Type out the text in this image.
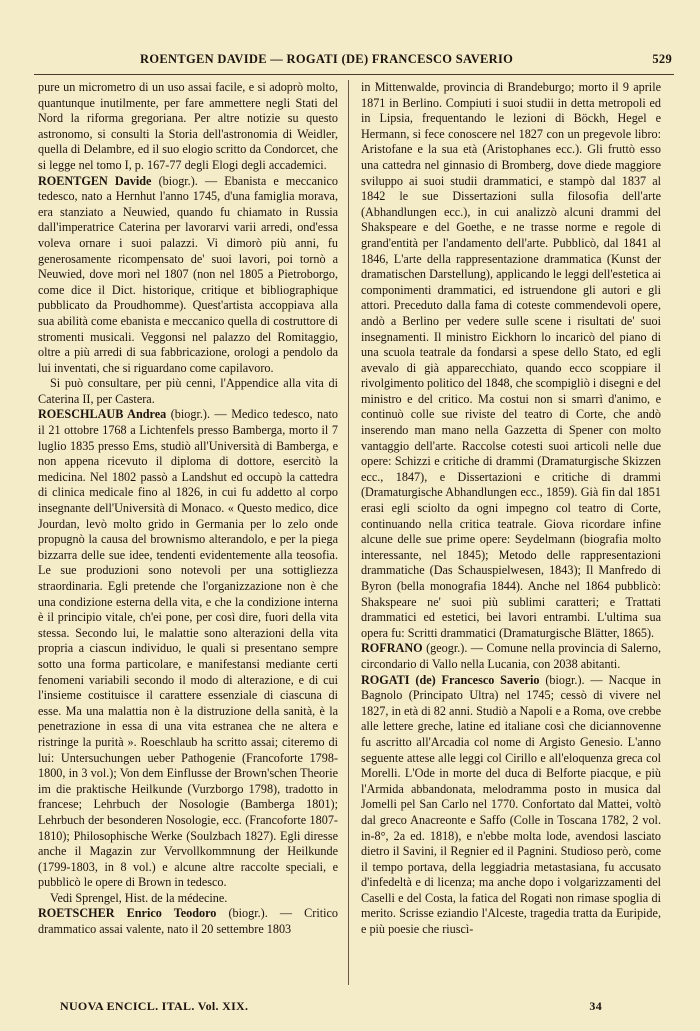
ROENTGEN DAVIDE — ROGATI (DE) FRANCESCO SAVERIO	529

pure un micrometro di un uso assai facile, e si adoprò molto, quantunque inutilmente, per fare ammettere negli Stati del Nord la riforma gregoriana. Per altre notizie su questo astronomo, si consulti la Storia dell'astronomia di Weidler, quella di Delambre, ed il suo elogio scritto da Condorcet, che si legge nel tomo I, p. 167-77 degli Elogi degli accademici.

ROENTGEN Davide (biogr.). — Ebanista e meccanico tedesco, nato a Hernhut l'anno 1745, d'una famiglia morava, era stanziato a Neuwied, quando fu chiamato in Russia dall'imperatrice Caterina per lavorarvi varii arredi, ond'essa voleva ornare i suoi palazzi. Vi dimorò più anni, fu generosamente ricompensato de' suoi lavori, poi tornò a Neuwied, dove morì nel 1807 (non nel 1805 a Pietroborgo, come dice il Dict. historique, critique et bibliographique pubblicato da Proudhomme). Quest'artista accoppiava alla sua abilità come ebanista e meccanico quella di costruttore di stromenti musicali. Veggonsi nel palazzo del Romitaggio, oltre a più arredi di sua fabbricazione, orologi a pendolo da lui inventati, che si riguardano come capilavoro.

Si può consultare, per più cenni, l'Appendice alla vita di Caterina II, per Castera.

ROESCHLAUB Andrea (biogr.). — Medico tedesco, nato il 21 ottobre 1768 a Lichtenfels presso Bamberga, morto il 7 luglio 1835 presso Ems, studiò all'Università di Bamberga, e non appena ricevuto il diploma di dottore, esercitò la medicina. Nel 1802 passò a Landshut ed occupò la cattedra di clinica medicale fino al 1826, in cui fu addetto al corpo insegnante dell'Università di Monaco. « Questo medico, dice Jourdan, levò molto grido in Germania per lo zelo onde propugnò la causa del brownismo alterandolo, e per la piega bizzarra delle sue idee, tendenti evidentemente alla teosofia. Le sue produzioni sono notevoli per una sottigliezza straordinaria. Egli pretende che l'organizzazione non è che una condizione esterna della vita, e che la condizione interna è il principio vitale, ch'ei pone, per così dire, fuori della vita stessa. Secondo lui, le malattie sono alterazioni della vita propria a ciascun individuo, le quali si presentano sempre sotto una forma particolare, e manifestansi mediante certi fenomeni variabili secondo il modo di alterazione, e di cui l'insieme costituisce il carattere essenziale di ciascuna di esse. Ma una malattia non è la distruzione della sanità, è la penetrazione in essa di una vita estranea che ne altera e ristringe la purità ». Roeschlaub ha scritto assai; citeremo di lui: Untersuchungen ueber Pathogenie (Francoforte 1798-1800, in 3 vol.); Von dem Einflusse der Brown'schen Theorie im die praktische Heilkunde (Vurzborgo 1798), tradotto in francese; Lehrbuch der Nosologie (Bamberga 1801); Lehrbuch der besonderen Nosologie, ecc. (Francoforte 1807-1810); Philosophische Werke (Soulzbach 1827). Egli diresse anche il Magazin zur Vervollkommnung der Heilkunde (1799-1803, in 8 vol.) e alcune altre raccolte speciali, e pubblicò le opere di Brown in tedesco.

Vedi Sprengel, Hist. de la médecine.

ROETSCHER Enrico Teodoro (biogr.). — Critico drammatico assai valente, nato il 20 settembre 1803

in Mittenwalde, provincia di Brandeburgo; morto il 9 aprile 1871 in Berlino. Compiuti i suoi studii in detta metropoli ed in Lipsia, frequentando le lezioni di Böckh, Hegel e Hermann, si fece conoscere nel 1827 con un pregevole libro: Aristofane e la sua età (Aristophanes ecc.). Gli fruttò esso una cattedra nel ginnasio di Bromberg, dove diede maggiore sviluppo ai suoi studii drammatici, e stampò dal 1837 al 1842 le sue Dissertazioni sulla filosofia dell'arte (Abhandlungen ecc.), in cui analizzò alcuni drammi del Shakspeare e del Goethe, e ne trasse norme e regole di grand'entità per l'andamento dell'arte. Pubblicò, dal 1841 al 1846, L'arte della rappresentazione drammatica (Kunst der dramatischen Darstellung), applicando le leggi dell'estetica ai componimenti drammatici, ed istruendone gli autori e gli attori. Preceduto dalla fama di coteste commendevoli opere, andò a Berlino per vedere sulle scene i risultati de' suoi insegnamenti. Il ministro Eickhorn lo incaricò del piano di una scuola teatrale da fondarsi a spese dello Stato, ed egli avevalo di già apparecchiato, quando ecco scoppiare il rivolgimento politico del 1848, che scompigliò i disegni e del ministro e del critico. Ma costui non si smarrì d'animo, e continuò colle sue riviste del teatro di Corte, che andò inserendo man mano nella Gazzetta di Spener con molto vantaggio dell'arte. Raccolse cotesti suoi articoli nelle due opere: Schizzi e critiche di drammi (Dramaturgische Skizzen ecc., 1847), e Dissertazioni e critiche di drammi (Dramaturgische Abhandlungen ecc., 1859). Già fin dal 1851 erasi egli sciolto da ogni impegno col teatro di Corte, continuando nella critica teatrale. Giova ricordare infine alcune delle sue prime opere: Seydelmann (biografia molto interessante, nel 1845); Metodo delle rappresentazioni drammatiche (Das Schauspielwesen, 1843); Il Manfredo di Byron (bella monografia 1844). Anche nel 1864 pubblicò: Shakspeare ne' suoi più sublimi caratteri; e Trattati drammatici ed estetici, bei lavori entrambi. L'ultima sua opera fu: Scritti drammatici (Dramaturgische Blätter, 1865).

ROFRANO (geogr.). — Comune nella provincia di Salerno, circondario di Vallo nella Lucania, con 2038 abitanti.

ROGATI (de) Francesco Saverio (biogr.). — Nacque in Bagnolo (Principato Ultra) nel 1745; cessò di vivere nel 1827, in età di 82 anni. Studiò a Napoli e a Roma, ove crebbe alle lettere greche, latine ed italiane così che diciannovenne fu ascritto all'Arcadia col nome di Argisto Genesio. L'anno seguente attese alle leggi col Cirillo e all'eloquenza greca col Morelli. L'Ode in morte del duca di Belforte piacque, e più l'Armida abbandonata, melodramma posto in musica dal Jomelli pel San Carlo nel 1770. Confortato dal Mattei, voltò dal greco Anacreonte e Saffo (Colle in Toscana 1782, 2 vol. in-8°, 2a ed. 1818), e n'ebbe molta lode, avendosi lasciato dietro il Savini, il Regnier ed il Pagnini. Studioso però, come il tempo portava, della leggiadria metastasiana, fu accusato d'infedeltà e di licenza; ma anche dopo i volgarizzamenti del Caselli e del Costa, la fatica del Rogati non rimase spoglia di merito. Scrisse eziandio l'Alceste, tragedia tratta da Euripide, e più poesie che riuscì-

NUOVA ENCICL. ITAL. Vol. XIX.	34
